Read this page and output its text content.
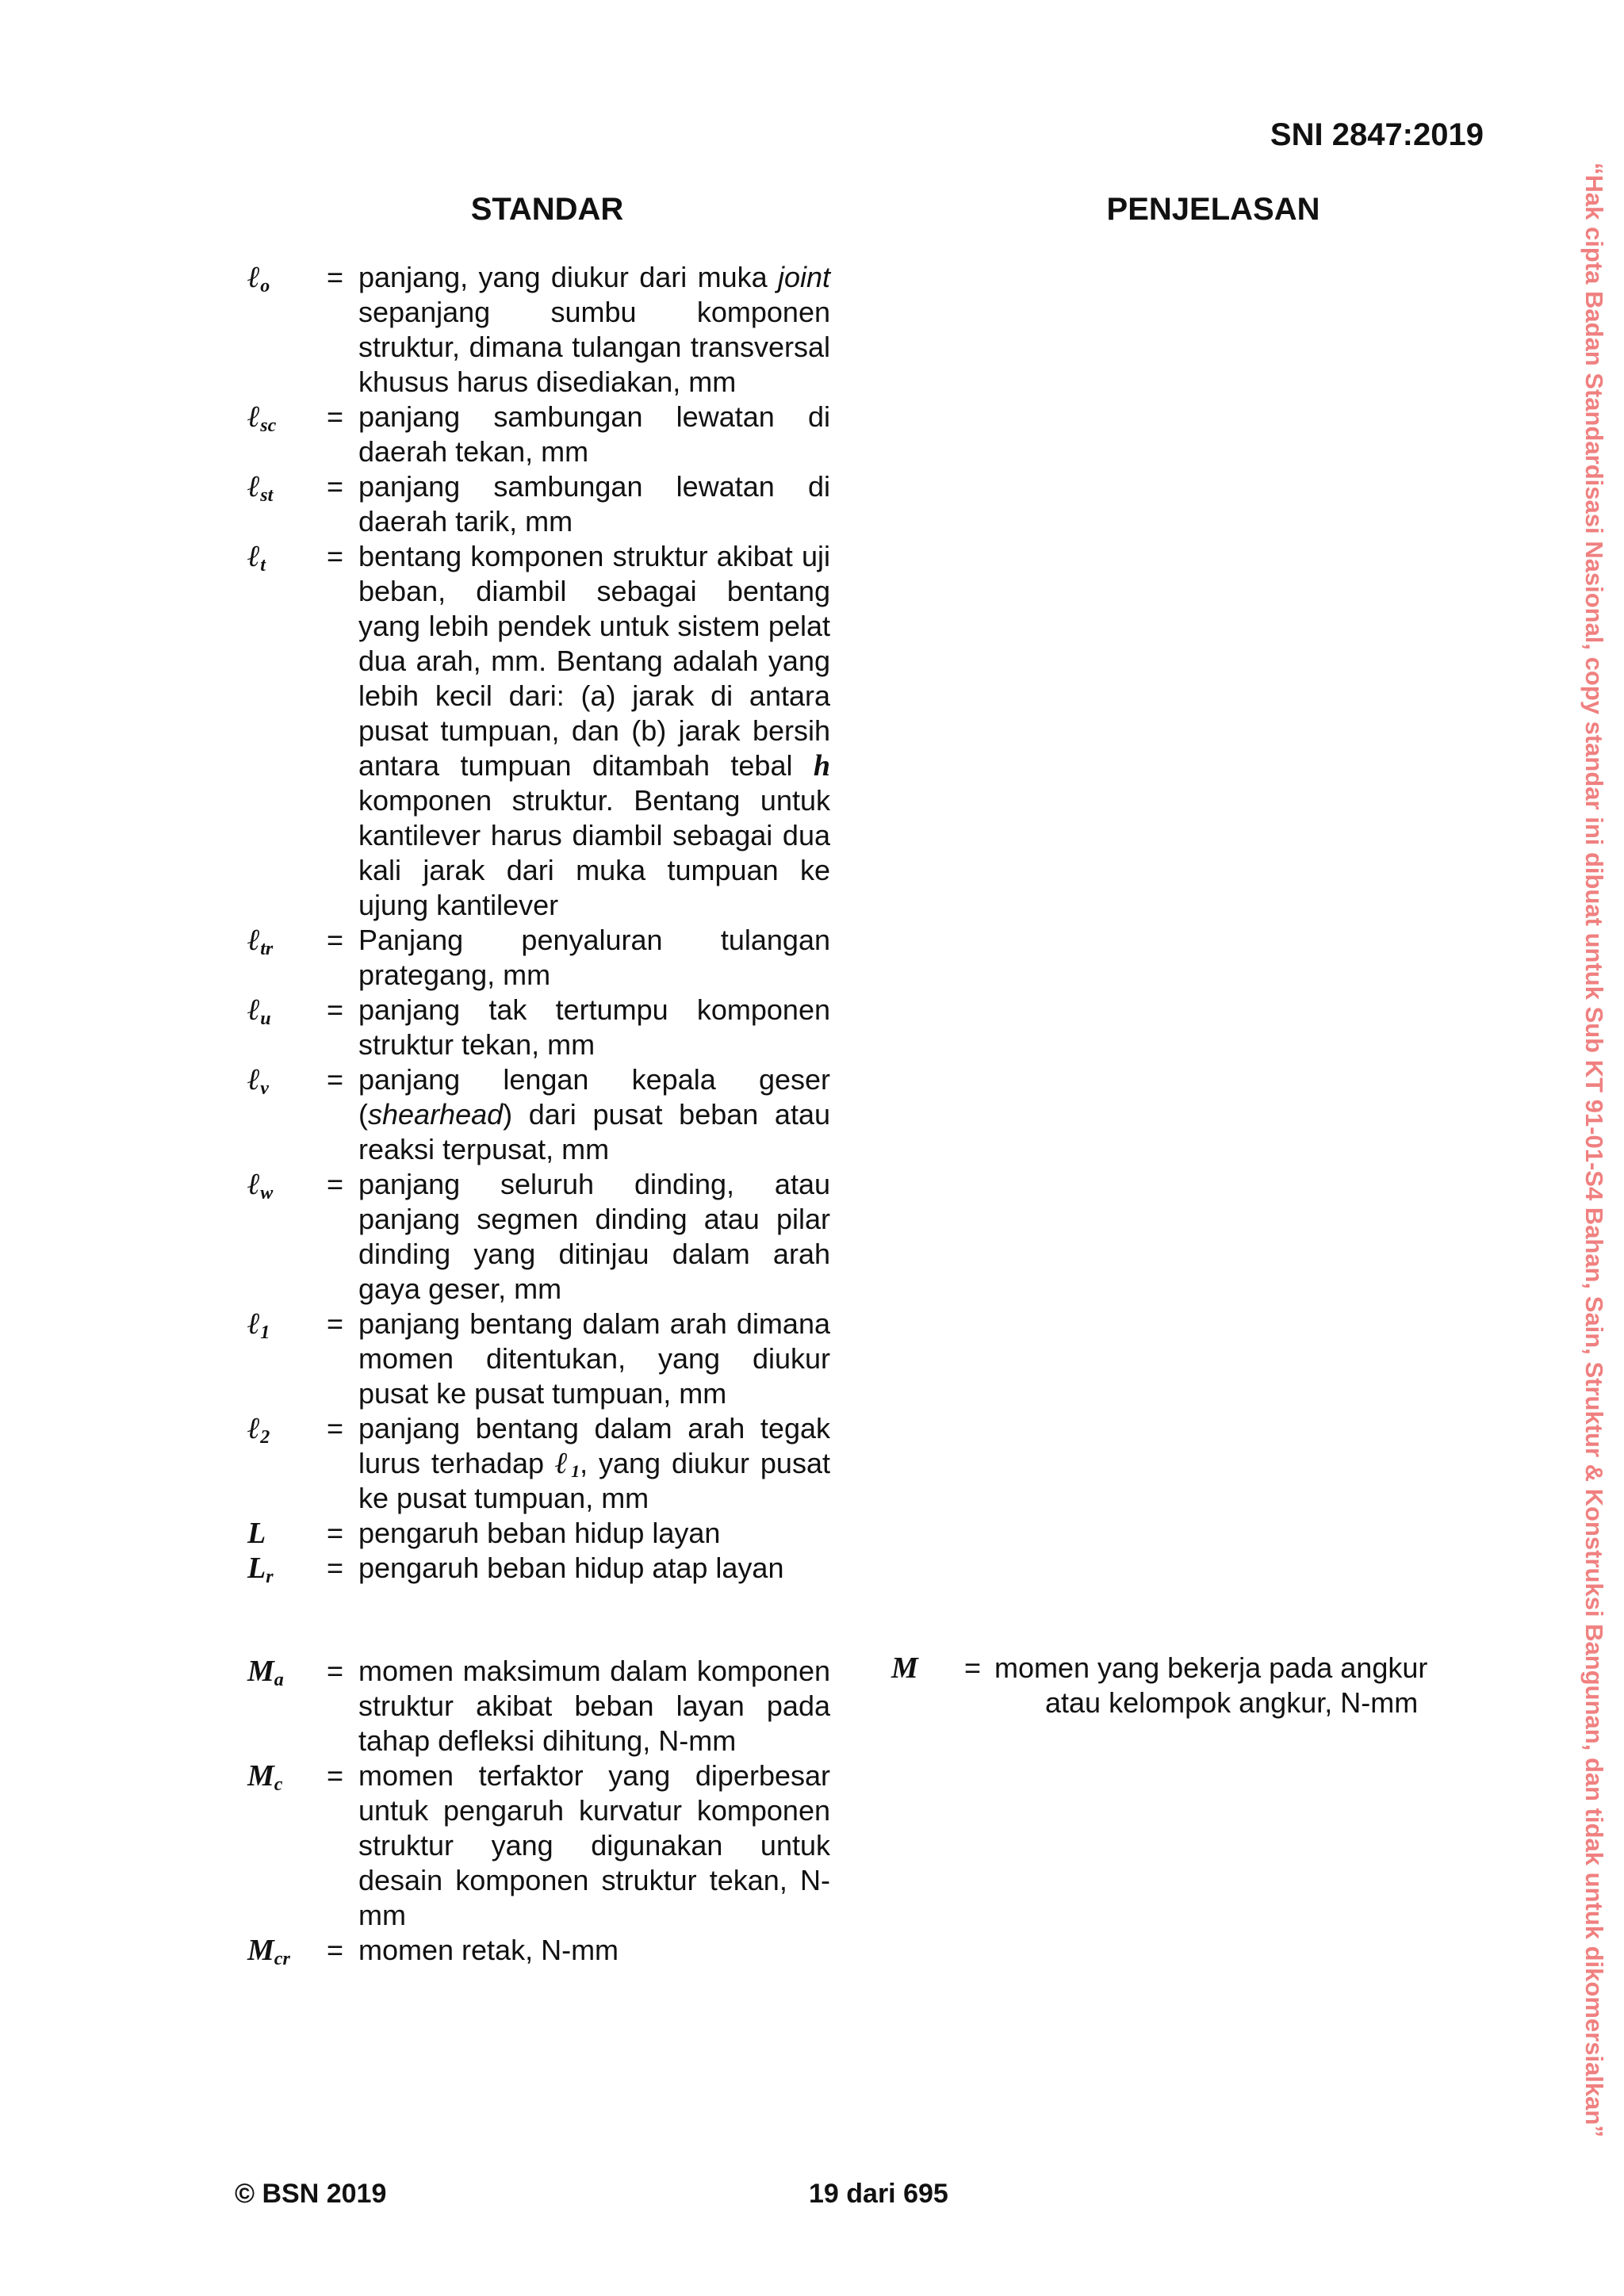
SNI 2847:2019
STANDAR	PENJELASAN
ℓ$_o$	= panjang, yang diukur dari muka joint sepanjang sumbu komponen struktur, dimana tulangan transversal khusus harus disediakan, mm
ℓ$_{sc}$	= panjang sambungan lewatan di daerah tekan, mm
ℓ$_{st}$	= panjang sambungan lewatan di daerah tarik, mm
ℓ$_t$	= bentang komponen struktur akibat uji beban, diambil sebagai bentang yang lebih pendek untuk sistem pelat dua arah, mm. Bentang adalah yang lebih kecil dari: (a) jarak di antara pusat tumpuan, dan (b) jarak bersih antara tumpuan ditambah tebal h komponen struktur. Bentang untuk kantilever harus diambil sebagai dua kali jarak dari muka tumpuan ke ujung kantilever
ℓ$_{tr}$	= Panjang penyaluran tulangan prategang, mm
ℓ$_u$	= panjang tak tertumpu komponen struktur tekan, mm
ℓ$_v$	= panjang lengan kepala geser (shearhead) dari pusat beban atau reaksi terpusat, mm
ℓ$_w$	= panjang seluruh dinding, atau panjang segmen dinding atau pilar dinding yang ditinjau dalam arah gaya geser, mm
ℓ$_1$	= panjang bentang dalam arah dimana momen ditentukan, yang diukur pusat ke pusat tumpuan, mm
ℓ$_2$	= panjang bentang dalam arah tegak lurus terhadap ℓ$_1$, yang diukur pusat ke pusat tumpuan, mm
L	= pengaruh beban hidup layan
$L_r$	= pengaruh beban hidup atap layan
$M_a$	= momen maksimum dalam komponen struktur akibat beban layan pada tahap defleksi dihitung, N-mm
$M_c$	= momen terfaktor yang diperbesar untuk pengaruh kurvatur komponen struktur yang digunakan untuk desain komponen struktur tekan, N-mm
$M_{cr}$	= momen retak, N-mm
M	= momen yang bekerja pada angkur
atau kelompok angkur, N-mm
© BSN 2019	19 dari 695
“Hak cipta Badan Standardisasi Nasional, copy standar ini dibuat untuk Sub KT 91-01-S4 Bahan, Sain, Struktur & Konstruksi Bangunan, dan tidak untuk dikomersialkan”
